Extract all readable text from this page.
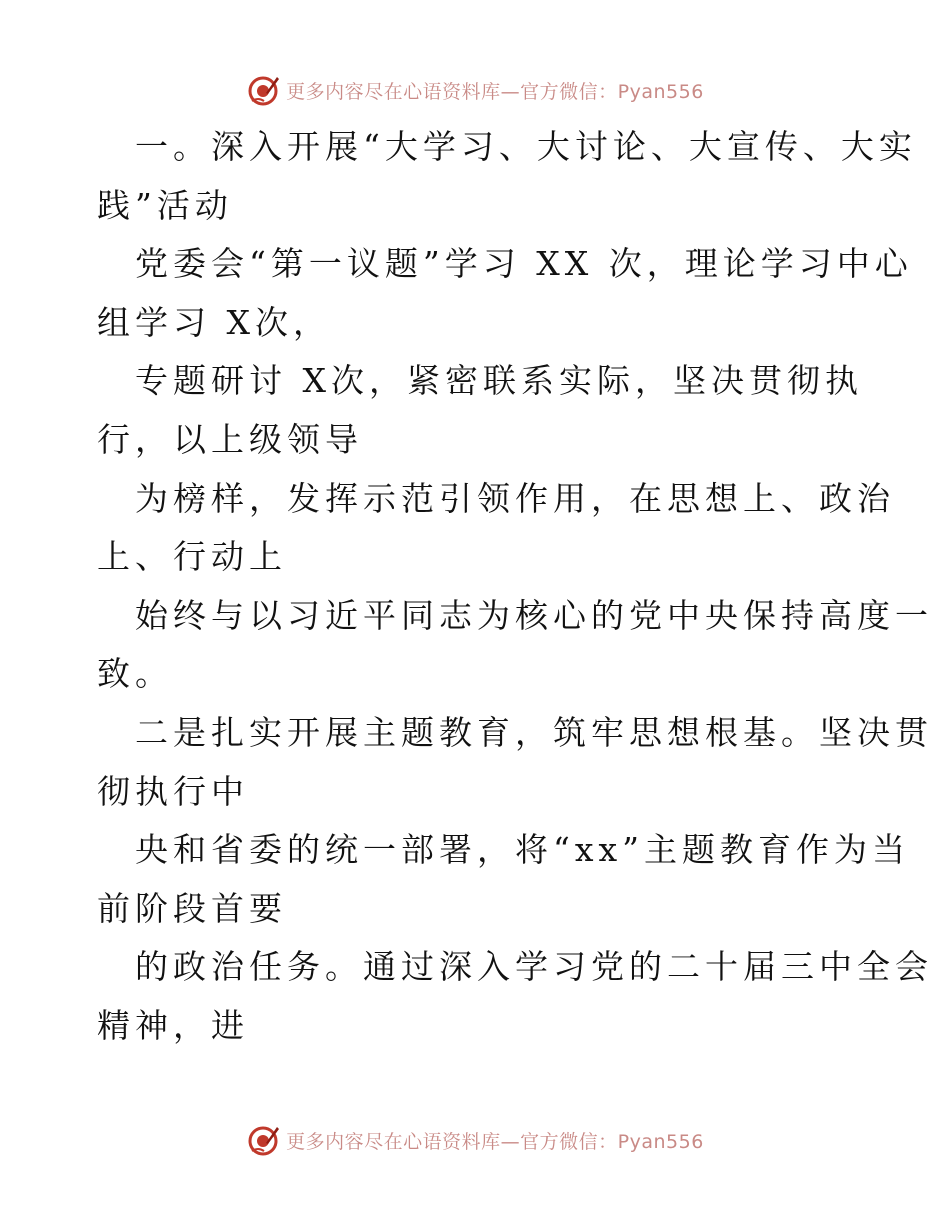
更多内容尽在心语资料库—官方微信：Pyan556
一。深入开展“大学习、大讨论、大宣传、大实
践”活动
党委会“第一议题”学习 XX 次，理论学习中心
组学习 X次，
专题研讨 X次，紧密联系实际，坚决贯彻执
行，以上级领导
为榜样，发挥示范引领作用，在思想上、政治
上、行动上
始终与以习近平同志为核心的党中央保持高度一
致。
二是扎实开展主题教育，筑牢思想根基。坚决贯
彻执行中
央和省委的统一部署，将“xx”主题教育作为当
前阶段首要
的政治任务。通过深入学习党的二十届三中全会
精神，进
更多内容尽在心语资料库—官方微信：Pyan556
